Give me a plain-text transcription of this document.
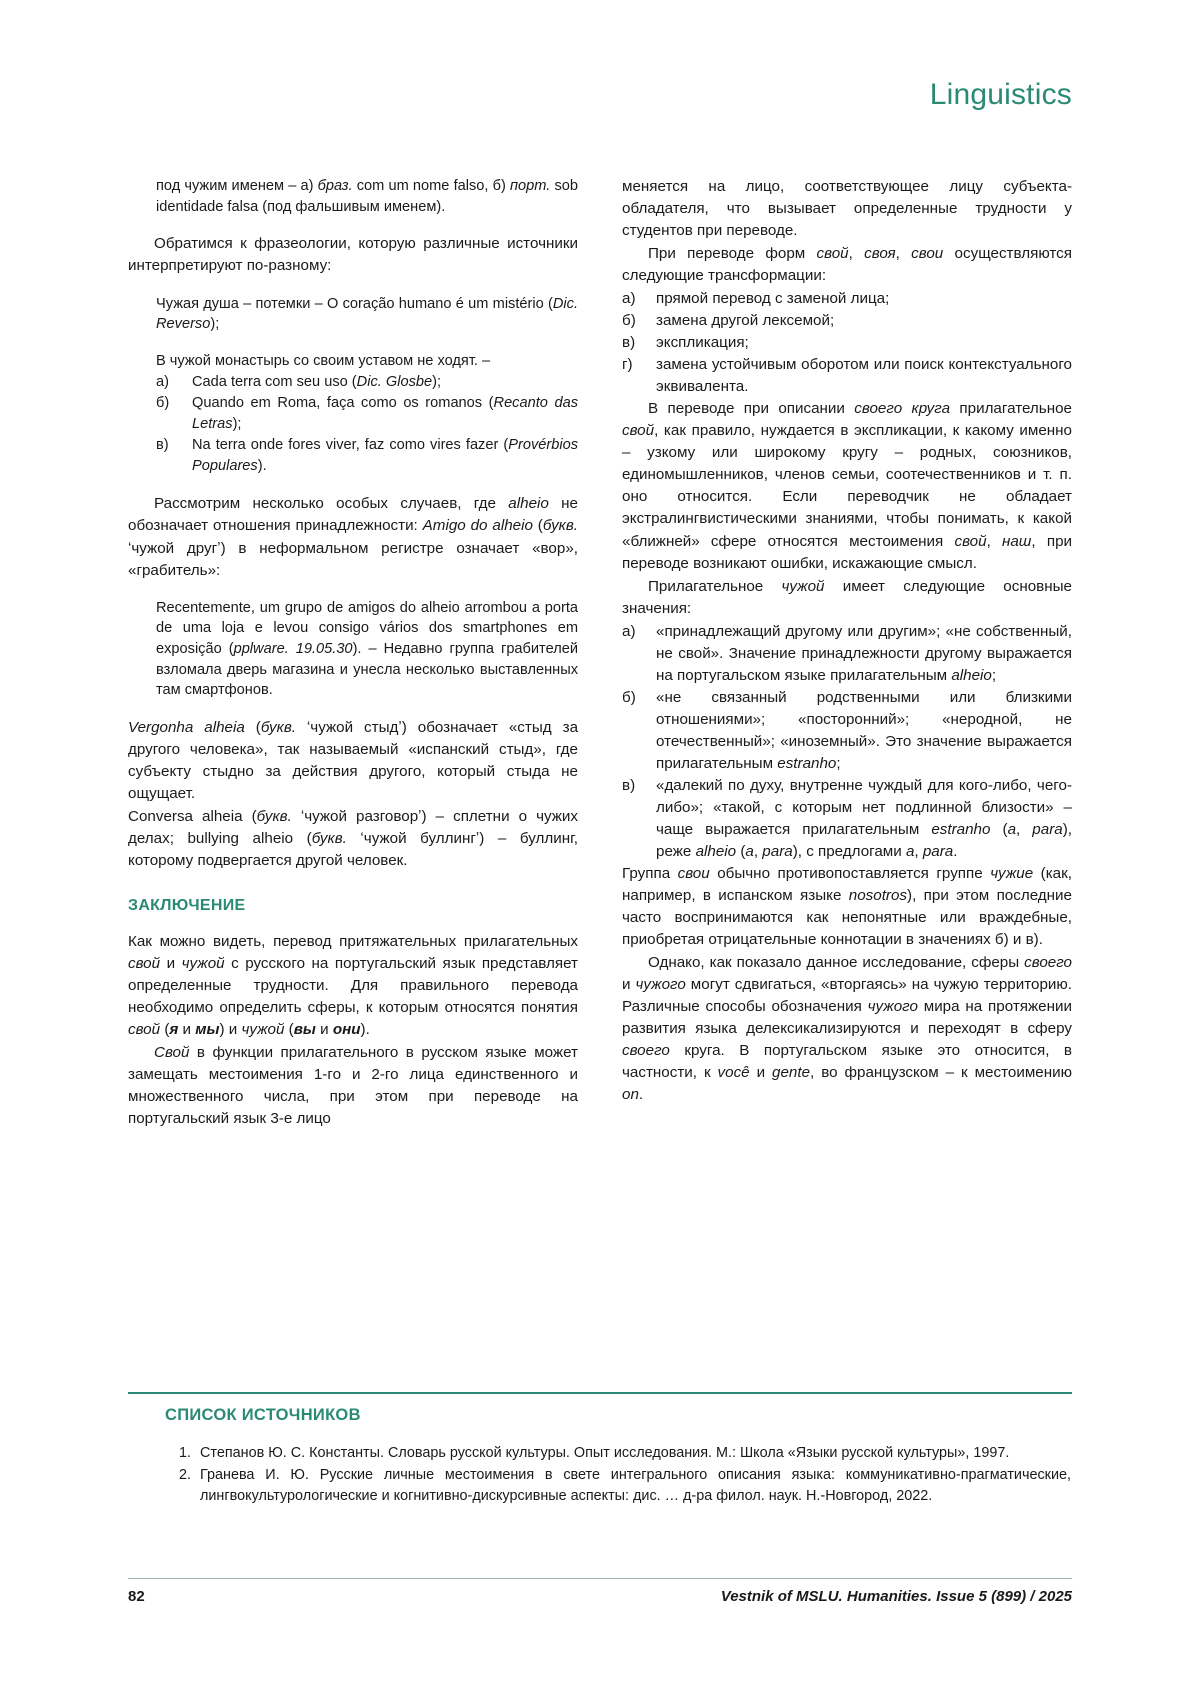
Linguistics
под чужим именем – а) браз. com um nome falso, б) порт. sob identidade falsa (под фальшивым именем).
Обратимся к фразеологии, которую различные источники интерпретируют по-разному:
Чужая душа – потемки – O coração humano é um mistério (Dic. Reverso);
В чужой монастырь со своим уставом не ходят. –
а)	Cada terra com seu uso (Dic. Glosbe);
б)	Quando em Roma, faça como os romanos (Recanto das Letras);
в)	Na terra onde fores viver, faz como vires fazer (Provérbios Populares).
Рассмотрим несколько особых случаев, где alheio не обозначает отношения принадлежности: Amigo do alheio (букв. ʻчужой другʼ) в неформальном регистре означает «вор», «грабитель»:
Recentemente, um grupo de amigos do alheio arrombou a porta de uma loja e levou consigo vários dos smartphones em exposição (pplware. 19.05.30). – Недавно группа грабителей взломала дверь магазина и унесла несколько выставленных там смартфонов.
Vergonha alheia (букв. ʻчужой стыдʼ) обозначает «стыд за другого человека», так называемый «испанский стыд», где субъекту стыдно за действия другого, который стыда не ощущает.
Conversa alheia (букв. ʻчужой разговорʼ) – сплетни о чужих делах; bullying alheio (букв. ʻчужой буллингʼ) – буллинг, которому подвергается другой человек.
ЗАКЛЮЧЕНИЕ
Как можно видеть, перевод притяжательных прилагательных свой и чужой с русского на португальский язык представляет определенные трудности. Для правильного перевода необходимо определить сферы, к которым относятся понятия свой (я и мы) и чужой (вы и они).
Свой в функции прилагательного в русском языке может замещать местоимения 1-го и 2-го лица единственного и множественного числа, при этом при переводе на португальский язык 3-е лицо
меняется на лицо, соответствующее лицу субъекта-обладателя, что вызывает определенные трудности у студентов при переводе.
При переводе форм свой, своя, свои осуществляются следующие трансформации:
а)	прямой перевод с заменой лица;
б)	замена другой лексемой;
в)	экспликация;
г)	замена устойчивым оборотом или поиск контекстуального эквивалента.
В переводе при описании своего круга прилагательное свой, как правило, нуждается в экспликации, к какому именно – узкому или широкому кругу – родных, союзников, единомышленников, членов семьи, соотечественников и т. п. оно относится. Если переводчик не обладает экстралингвистическими знаниями, чтобы понимать, к какой «ближней» сфере относятся местоимения свой, наш, при переводе возникают ошибки, искажающие смысл.
Прилагательное чужой имеет следующие основные значения:
а)	«принадлежащий другому или другим»; «не собственный, не свой». Значение принадлежности другому выражается на португальском языке прилагательным alheio;
б)	«не связанный родственными или близкими отношениями»; «посторонний»; «неродной, не отечественный»; «иноземный». Это значение выражается прилагательным estranho;
в)	«далекий по духу, внутренне чуждый для кого-либо, чего-либо»; «такой, с которым нет подлинной близости» – чаще выражается прилагательным estranho (a, para), реже alheio (a, para), с предлогами a, para.
Группа свои обычно противопоставляется группе чужие (как, например, в испанском языке nosotros), при этом последние часто воспринимаются как непонятные или враждебные, приобретая отрицательные коннотации в значениях б) и в).
Однако, как показало данное исследование, сферы своего и чужого могут сдвигаться, «вторгаясь» на чужую территорию. Различные способы обозначения чужого мира на протяжении развития языка делексикализируются и переходят в сферу своего круга. В португальском языке это относится, в частности, к você и gente, во французском – к местоимению on.
СПИСОК ИСТОЧНИКОВ
1. Степанов Ю. С. Константы. Словарь русской культуры. Опыт исследования. М.: Школа «Языки русской культуры», 1997.
2. Гранева И. Ю. Русские личные местоимения в свете интегрального описания языка: коммуникативно-прагматические, лингвокультурологические и когнитивно-дискурсивные аспекты: дис. … д-ра филол. наук. Н.-Новгород, 2022.
82	Vestnik of MSLU. Humanities. Issue 5 (899) / 2025
